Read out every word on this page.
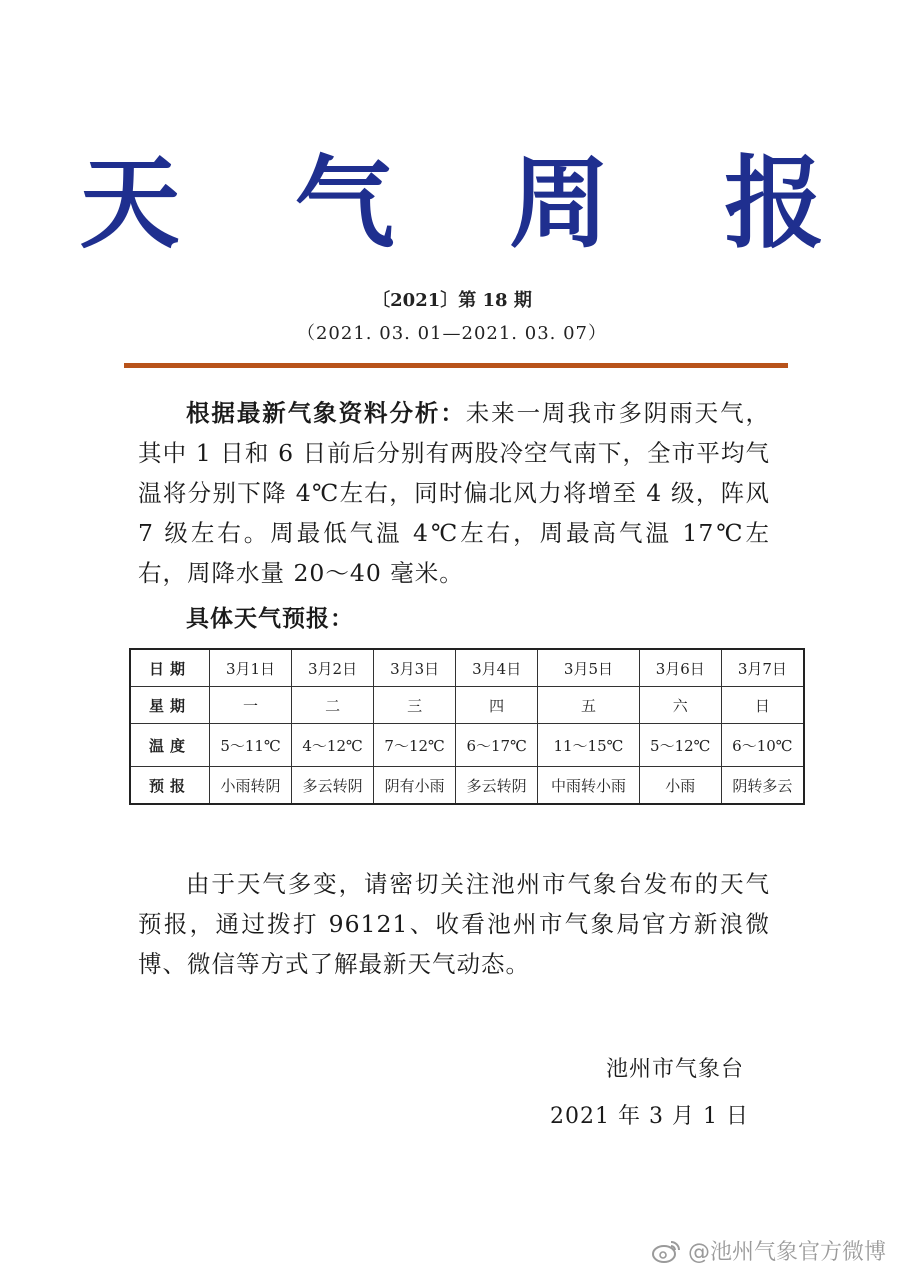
天 气 周 报
〔2021〕第 18 期
（2021. 03. 01—2021. 03. 07）
根据最新气象资料分析：未来一周我市多阴雨天气，其中 1 日和 6 日前后分别有两股冷空气南下，全市平均气温将分别下降 4℃左右，同时偏北风力将增至 4 级，阵风 7 级左右。周最低气温 4℃左右，周最高气温 17℃左右，周降水量 20～40 毫米。
具体天气预报：
日期	3月1日	3月2日	3月3日	3月4日	3月5日	3月6日	3月7日
星期	一	二	三	四	五	六	日
温度	5～11℃	4～12℃	7～12℃	6～17℃	11～15℃	5～12℃	6～10℃
预报	小雨转阴	多云转阴	阴有小雨	多云转阴	中雨转小雨	小雨	阴转多云
由于天气多变，请密切关注池州市气象台发布的天气预报，通过拨打 96121、收看池州市气象局官方新浪微博、微信等方式了解最新天气动态。
池州市气象台
2021 年 3 月 1 日
@池州气象官方微博
